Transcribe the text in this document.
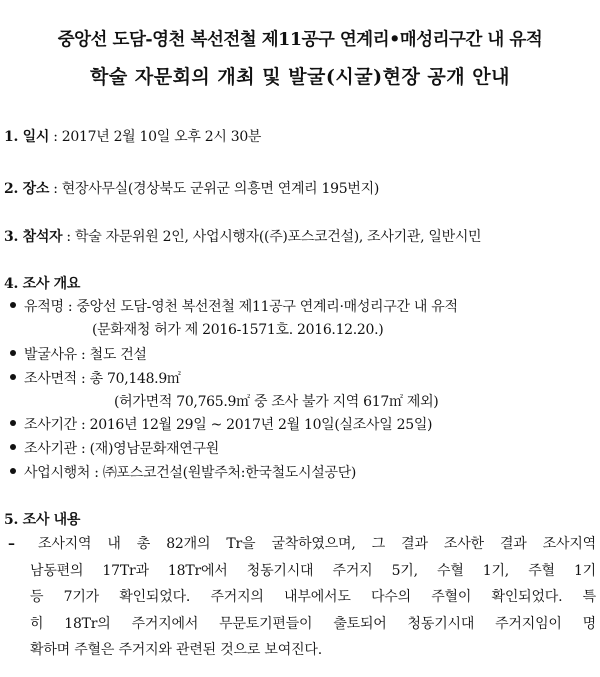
중앙선 도담-영천 복선전철 제11공구 연계리•매성리구간 내 유적
학술 자문회의 개최 및 발굴(시굴)현장 공개 안내
1. 일시 : 2017년 2월 10일 오후 2시 30분
2. 장소 : 현장사무실(경상북도 군위군 의흥면 연계리 195번지)
3. 참석자 : 학술 자문위원 2인, 사업시행자((주)포스코건설), 조사기관, 일반시민
4. 조사 개요
유적명 : 중앙선 도담-영천 복선전철 제11공구 연계리·매성리구간 내 유적
(문화재청 허가 제 2016-1571호. 2016.12.20.)
발굴사유 : 철도 건설
조사면적 : 총 70,148.9㎡
(허가면적 70,765.9㎡ 중 조사 불가 지역 617㎡ 제외)
조사기간 : 2016년 12월 29일 ~ 2017년 2월 10일(실조사일 25일)
조사기관 : (재)영남문화재연구원
사업시행처 : ㈜포스코건설(원발주처:한국철도시설공단)
5. 조사 내용
– 조사지역 내 총 82개의 Tr을 굴착하였으며, 그 결과 조사한 결과 조사지역
남동편의 17Tr과 18Tr에서 청동기시대 주거지 5기, 수혈 1기, 주혈 1기
등 7기가 확인되었다. 주거지의 내부에서도 다수의 주혈이 확인되었다. 특
히 18Tr의 주거지에서 무문토기편들이 출토되어 청동기시대 주거지임이 명
확하며 주혈은 주거지와 관련된 것으로 보여진다.
